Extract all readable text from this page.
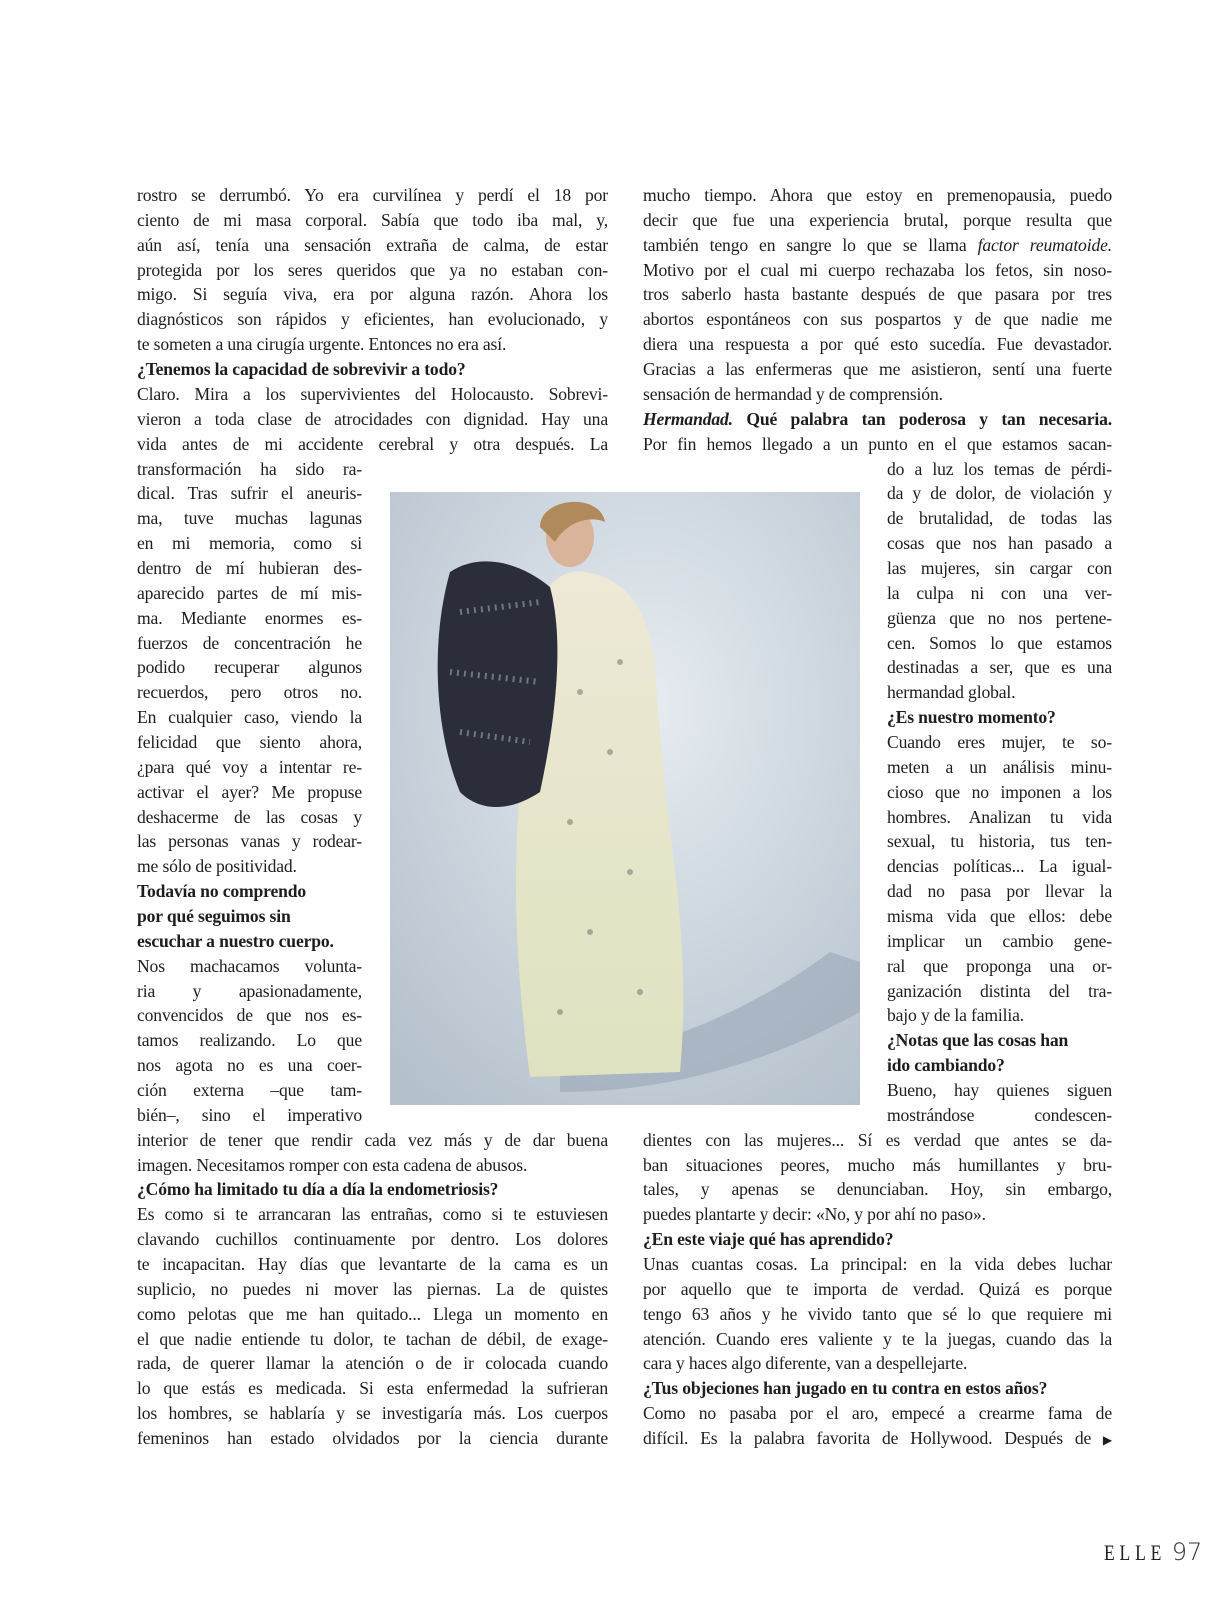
rostro se derrumbó. Yo era curvilínea y perdí el 18 por
ciento de mi masa corporal. Sabía que todo iba mal, y,
aún así, tenía una sensación extraña de calma, de estar
protegida por los seres queridos que ya no estaban con-
migo. Si seguía viva, era por alguna razón. Ahora los
diagnósticos son rápidos y eficientes, han evolucionado, y
te someten a una cirugía urgente. Entonces no era así.
¿Tenemos la capacidad de sobrevivir a todo?
Claro. Mira a los supervivientes del Holocausto. Sobrevi-
vieron a toda clase de atrocidades con dignidad. Hay una
vida antes de mi accidente cerebral y otra después. La
transformación ha sido ra-
dical. Tras sufrir el aneuris-
ma, tuve muchas lagunas
en mi memoria, como si
dentro de mí hubieran des-
aparecido partes de mí mis-
ma. Mediante enormes es-
fuerzos de concentración he
podido recuperar algunos
recuerdos, pero otros no.
En cualquier caso, viendo la
felicidad que siento ahora,
¿para qué voy a intentar re-
activar el ayer? Me propuse
deshacerme de las cosas y
las personas vanas y rodear-
me sólo de positividad.
Todavía no comprendo
por qué seguimos sin
escuchar a nuestro cuerpo.
Nos machacamos volunta-
ria y apasionadamente,
convencidos de que nos es-
tamos realizando. Lo que
nos agota no es una coer-
ción externa –que tam-
bién–, sino el imperativo
interior de tener que rendir cada vez más y de dar buena
imagen. Necesitamos romper con esta cadena de abusos.
¿Cómo ha limitado tu día a día la endometriosis?
Es como si te arrancaran las entrañas, como si te estuviesen
clavando cuchillos continuamente por dentro. Los dolores
te incapacitan. Hay días que levantarte de la cama es un
suplicio, no puedes ni mover las piernas. La de quistes
como pelotas que me han quitado... Llega un momento en
el que nadie entiende tu dolor, te tachan de débil, de exage-
rada, de querer llamar la atención o de ir colocada cuando
lo que estás es medicada. Si esta enfermedad la sufrieran
los hombres, se hablaría y se investigaría más. Los cuerpos
femeninos han estado olvidados por la ciencia durante
mucho tiempo. Ahora que estoy en premenopausia, puedo
decir que fue una experiencia brutal, porque resulta que
también tengo en sangre lo que se llama factor reumatoide.
Motivo por el cual mi cuerpo rechazaba los fetos, sin noso-
tros saberlo hasta bastante después de que pasara por tres
abortos espontáneos con sus pospartos y de que nadie me
diera una respuesta a por qué esto sucedía. Fue devastador.
Gracias a las enfermeras que me asistieron, sentí una fuerte
sensación de hermandad y de comprensión.
Hermandad. Qué palabra tan poderosa y tan necesaria.
Por fin hemos llegado a un punto en el que estamos sacan-
do a luz los temas de pérdi-
da y de dolor, de violación y
de brutalidad, de todas las
cosas que nos han pasado a
las mujeres, sin cargar con
la culpa ni con una ver-
güenza que no nos pertene-
cen. Somos lo que estamos
destinadas a ser, que es una
hermandad global.
¿Es nuestro momento?
Cuando eres mujer, te so-
meten a un análisis minu-
cioso que no imponen a los
hombres. Analizan tu vida
sexual, tu historia, tus ten-
dencias políticas... La igual-
dad no pasa por llevar la
misma vida que ellos: debe
implicar un cambio gene-
ral que proponga una or-
ganización distinta del tra-
bajo y de la familia.
¿Notas que las cosas han
ido cambiando?
Bueno, hay quienes siguen
mostrándose condescen-
dientes con las mujeres... Sí es verdad que antes se da-
ban situaciones peores, mucho más humillantes y bru-
tales, y apenas se denunciaban. Hoy, sin embargo,
puedes plantarte y decir: «No, y por ahí no paso».
¿En este viaje qué has aprendido?
Unas cuantas cosas. La principal: en la vida debes luchar
por aquello que te importa de verdad. Quizá es porque
tengo 63 años y he vivido tanto que sé lo que requiere mi
atención. Cuando eres valiente y te la juegas, cuando das la
cara y haces algo diferente, van a despellejarte.
¿Tus objeciones han jugado en tu contra en estos años?
Como no pasaba por el aro, empecé a crearme fama de
difícil. Es la palabra favorita de Hollywood. Después de ▶
ELLE 97
